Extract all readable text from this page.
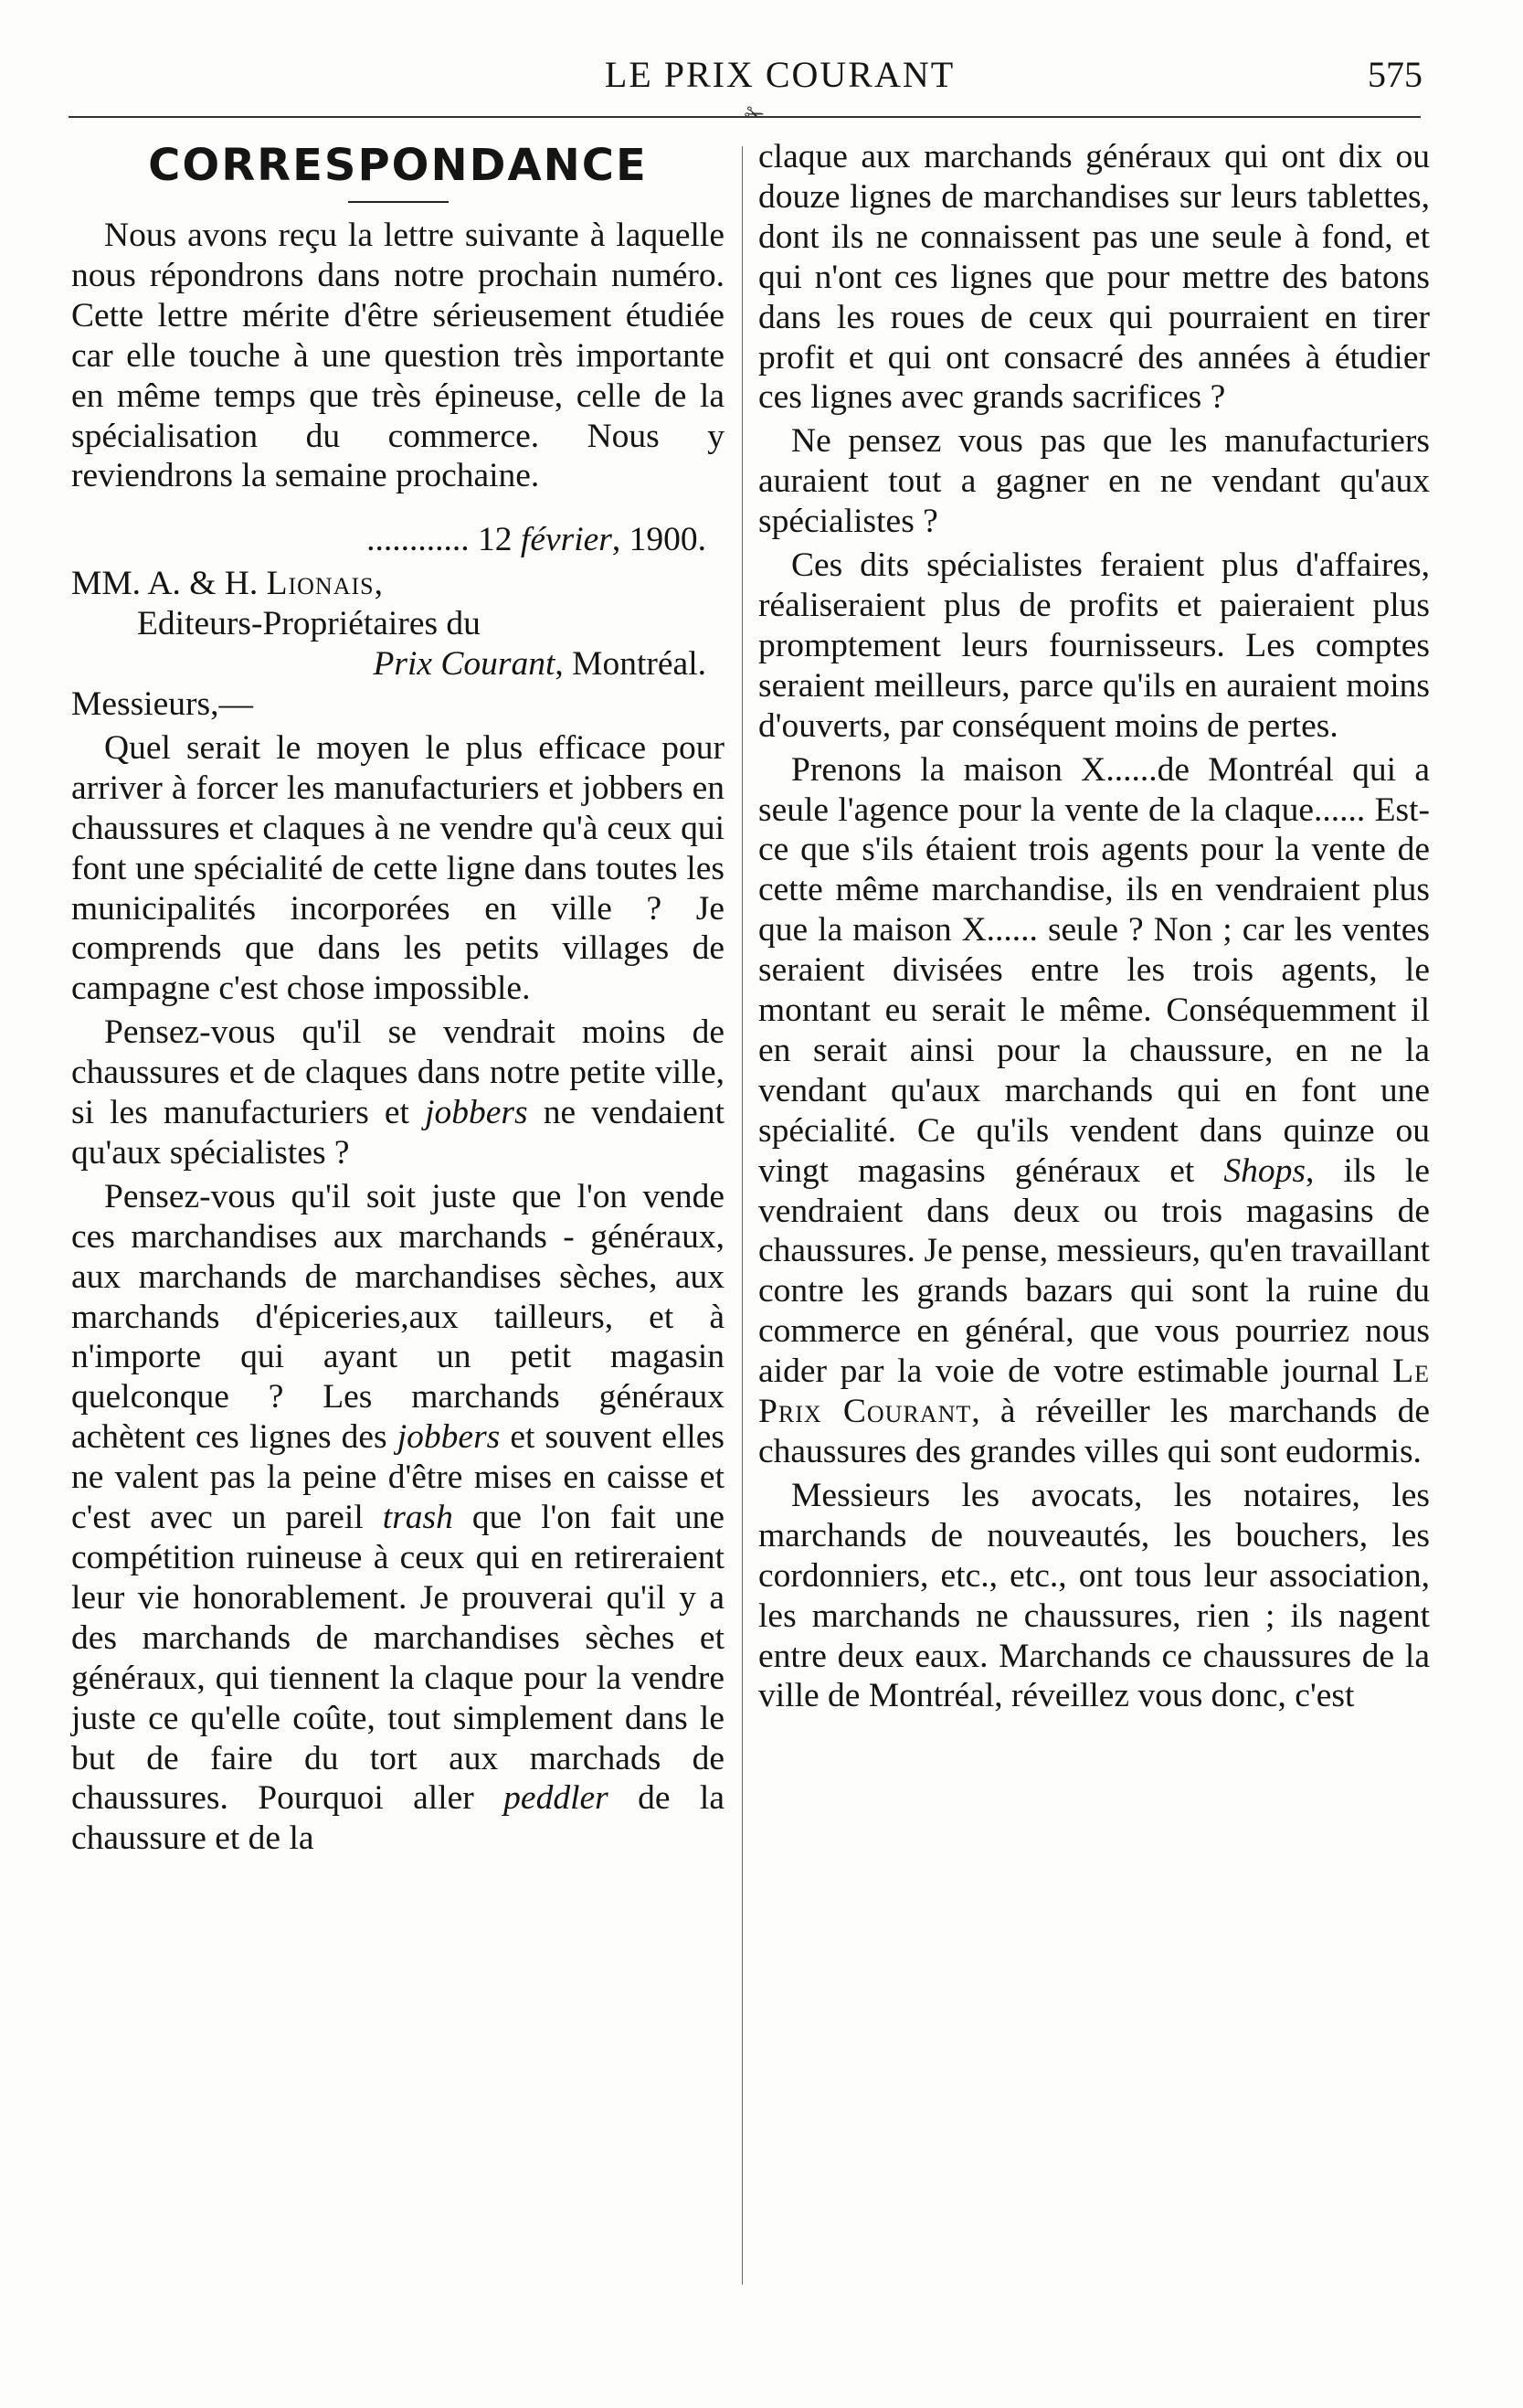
LE PRIX COURANT	575
✁
CORRESPONDANCE

Nous avons reçu la lettre suivante à laquelle nous répondrons dans notre prochain numéro. Cette lettre mérite d'être sérieusement étudiée car elle touche à une question très importante en même temps que très épineuse, celle de la spécialisation du commerce. Nous y reviendrons la semaine prochaine.

............ 12 février, 1900.

MM. A. & H. Lionais,
Editeurs-Propriétaires du
Prix Courant, Montréal.

Messieurs,—

Quel serait le moyen le plus efficace pour arriver à forcer les manufacturiers et jobbers en chaussures et claques à ne vendre qu'à ceux qui font une spécialité de cette ligne dans toutes les municipalités incorporées en ville ? Je comprends que dans les petits villages de campagne c'est chose impossible.

Pensez-vous qu'il se vendrait moins de chaussures et de claques dans notre petite ville, si les manufacturiers et jobbers ne vendaient qu'aux spécialistes ?

Pensez-vous qu'il soit juste que l'on vende ces marchandises aux marchands - généraux, aux marchands de marchandises sèches, aux marchands d'épiceries,aux tailleurs, et à n'importe qui ayant un petit magasin quelconque ? Les marchands généraux achètent ces lignes des jobbers et souvent elles ne valent pas la peine d'être mises en caisse et c'est avec un pareil trash que l'on fait une compétition ruineuse à ceux qui en retireraient leur vie honorablement. Je prouverai qu'il y a des marchands de marchandises sèches et généraux, qui tiennent la claque pour la vendre juste ce qu'elle coûte, tout simplement dans le but de faire du tort aux marchads de chaussures. Pourquoi aller peddler de la chaussure et de la

claque aux marchands généraux qui ont dix ou douze lignes de marchandises sur leurs tablettes, dont ils ne connaissent pas une seule à fond, et qui n'ont ces lignes que pour mettre des batons dans les roues de ceux qui pourraient en tirer profit et qui ont consacré des années à étudier ces lignes avec grands sacrifices ?

Ne pensez vous pas que les manufacturiers auraient tout a gagner en ne vendant qu'aux spécialistes ?

Ces dits spécialistes feraient plus d'affaires, réaliseraient plus de profits et paieraient plus promptement leurs fournisseurs. Les comptes seraient meilleurs, parce qu'ils en auraient moins d'ouverts, par conséquent moins de pertes.

Prenons la maison X......de Montréal qui a seule l'agence pour la vente de la claque...... Est-ce que s'ils étaient trois agents pour la vente de cette même marchandise, ils en vendraient plus que la maison X...... seule ? Non ; car les ventes seraient divisées entre les trois agents, le montant eu serait le même. Conséquemment il en serait ainsi pour la chaussure, en ne la vendant qu'aux marchands qui en font une spécialité. Ce qu'ils vendent dans quinze ou vingt magasins généraux et Shops, ils le vendraient dans deux ou trois magasins de chaussures. Je pense, messieurs, qu'en travaillant contre les grands bazars qui sont la ruine du commerce en général, que vous pourriez nous aider par la voie de votre estimable journal Le Prix Courant, à réveiller les marchands de chaussures des grandes villes qui sont eudormis.

Messieurs les avocats, les notaires, les marchands de nouveautés, les bouchers, les cordonniers, etc., etc., ont tous leur association, les marchands ne chaussures, rien ; ils nagent entre deux eaux. Marchands ce chaussures de la ville de Montréal, réveillez vous donc, c'est
